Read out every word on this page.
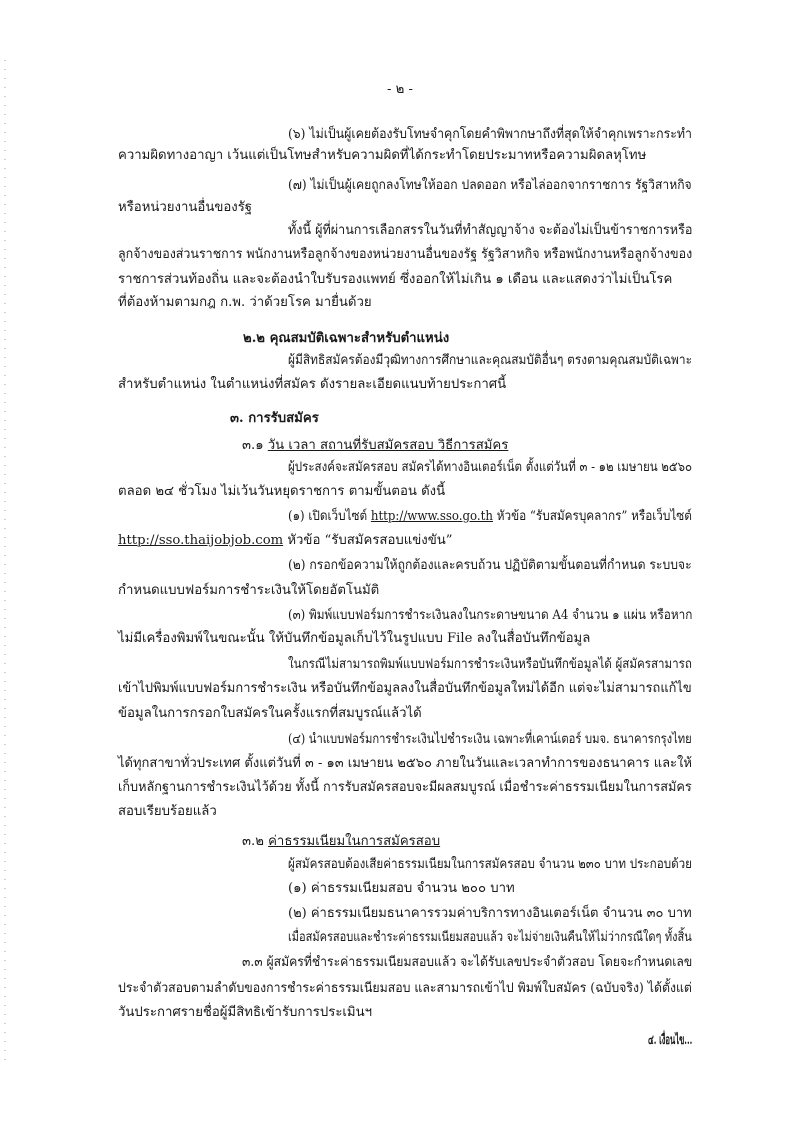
- ๒ -
(๖) ไม่เป็นผู้เคยต้องรับโทษจำคุกโดยคำพิพากษาถึงที่สุดให้จำคุกเพราะกระทำ
ความผิดทางอาญา เว้นแต่เป็นโทษสำหรับความผิดที่ได้กระทำโดยประมาทหรือความผิดลหุโทษ
(๗) ไม่เป็นผู้เคยถูกลงโทษให้ออก ปลดออก หรือไล่ออกจากราชการ รัฐวิสาหกิจ
หรือหน่วยงานอื่นของรัฐ
ทั้งนี้ ผู้ที่ผ่านการเลือกสรรในวันที่ทำสัญญาจ้าง จะต้องไม่เป็นข้าราชการหรือ
ลูกจ้างของส่วนราชการ พนักงานหรือลูกจ้างของหน่วยงานอื่นของรัฐ รัฐวิสาหกิจ หรือพนักงานหรือลูกจ้างของ
ราชการส่วนท้องถิ่น และจะต้องนำใบรับรองแพทย์ ซึ่งออกให้ไม่เกิน ๑ เดือน และแสดงว่าไม่เป็นโรค
ที่ต้องห้ามตามกฎ ก.พ. ว่าด้วยโรค มายื่นด้วย
๒.๒ คุณสมบัติเฉพาะสำหรับตำแหน่ง
ผู้มีสิทธิสมัครต้องมีวุฒิทางการศึกษาและคุณสมบัติอื่นๆ ตรงตามคุณสมบัติเฉพาะ
สำหรับตำแหน่ง ในตำแหน่งที่สมัคร ดังรายละเอียดแนบท้ายประกาศนี้
๓. การรับสมัคร
๓.๑ วัน เวลา สถานที่รับสมัครสอบ วิธีการสมัคร
ผู้ประสงค์จะสมัครสอบ สมัครได้ทางอินเตอร์เน็ต ตั้งแต่วันที่ ๓ - ๑๒ เมษายน ๒๕๖๐
ตลอด ๒๔ ชั่วโมง ไม่เว้นวันหยุดราชการ ตามขั้นตอน ดังนี้
(๑) เปิดเว็บไซต์ http://www.sso.go.th หัวข้อ “รับสมัครบุคลากร” หรือเว็บไซต์
http://sso.thaijobjob.com หัวข้อ “รับสมัครสอบแข่งขัน”
(๒) กรอกข้อความให้ถูกต้องและครบถ้วน ปฏิบัติตามขั้นตอนที่กำหนด ระบบจะ
กำหนดแบบฟอร์มการชำระเงินให้โดยอัตโนมัติ
(๓) พิมพ์แบบฟอร์มการชำระเงินลงในกระดาษขนาด A4 จำนวน ๑ แผ่น หรือหาก
ไม่มีเครื่องพิมพ์ในขณะนั้น ให้บันทึกข้อมูลเก็บไว้ในรูปแบบ File ลงในสื่อบันทึกข้อมูล
ในกรณีไม่สามารถพิมพ์แบบฟอร์มการชำระเงินหรือบันทึกข้อมูลได้ ผู้สมัครสามารถ
เข้าไปพิมพ์แบบฟอร์มการชำระเงิน หรือบันทึกข้อมูลลงในสื่อบันทึกข้อมูลใหม่ได้อีก แต่จะไม่สามารถแก้ไข
ข้อมูลในการกรอกใบสมัครในครั้งแรกที่สมบูรณ์แล้วได้
(๔) นำแบบฟอร์มการชำระเงินไปชำระเงิน เฉพาะที่เคาน์เตอร์ บมจ. ธนาคารกรุงไทย
ได้ทุกสาขาทั่วประเทศ ตั้งแต่วันที่ ๓ - ๑๓ เมษายน ๒๕๖๐ ภายในวันและเวลาทำการของธนาคาร และให้
เก็บหลักฐานการชำระเงินไว้ด้วย ทั้งนี้ การรับสมัครสอบจะมีผลสมบูรณ์ เมื่อชำระค่าธรรมเนียมในการสมัคร
สอบเรียบร้อยแล้ว
๓.๒ ค่าธรรมเนียมในการสมัครสอบ
ผู้สมัครสอบต้องเสียค่าธรรมเนียมในการสมัครสอบ จำนวน ๒๓๐ บาท ประกอบด้วย
(๑) ค่าธรรมเนียมสอบ จำนวน ๒๐๐ บาท
(๒) ค่าธรรมเนียมธนาคารรวมค่าบริการทางอินเตอร์เน็ต จำนวน ๓๐ บาท
เมื่อสมัครสอบและชำระค่าธรรมเนียมสอบแล้ว จะไม่จ่ายเงินคืนให้ไม่ว่ากรณีใดๆ ทั้งสิ้น
๓.๓ ผู้สมัครที่ชำระค่าธรรมเนียมสอบแล้ว จะได้รับเลขประจำตัวสอบ โดยจะกำหนดเลข
ประจำตัวสอบตามลำดับของการชำระค่าธรรมเนียมสอบ และสามารถเข้าไป พิมพ์ใบสมัคร (ฉบับจริง) ได้ตั้งแต่
วันประกาศรายชื่อผู้มีสิทธิเข้ารับการประเมินฯ
๔. เงื่อนไข...
